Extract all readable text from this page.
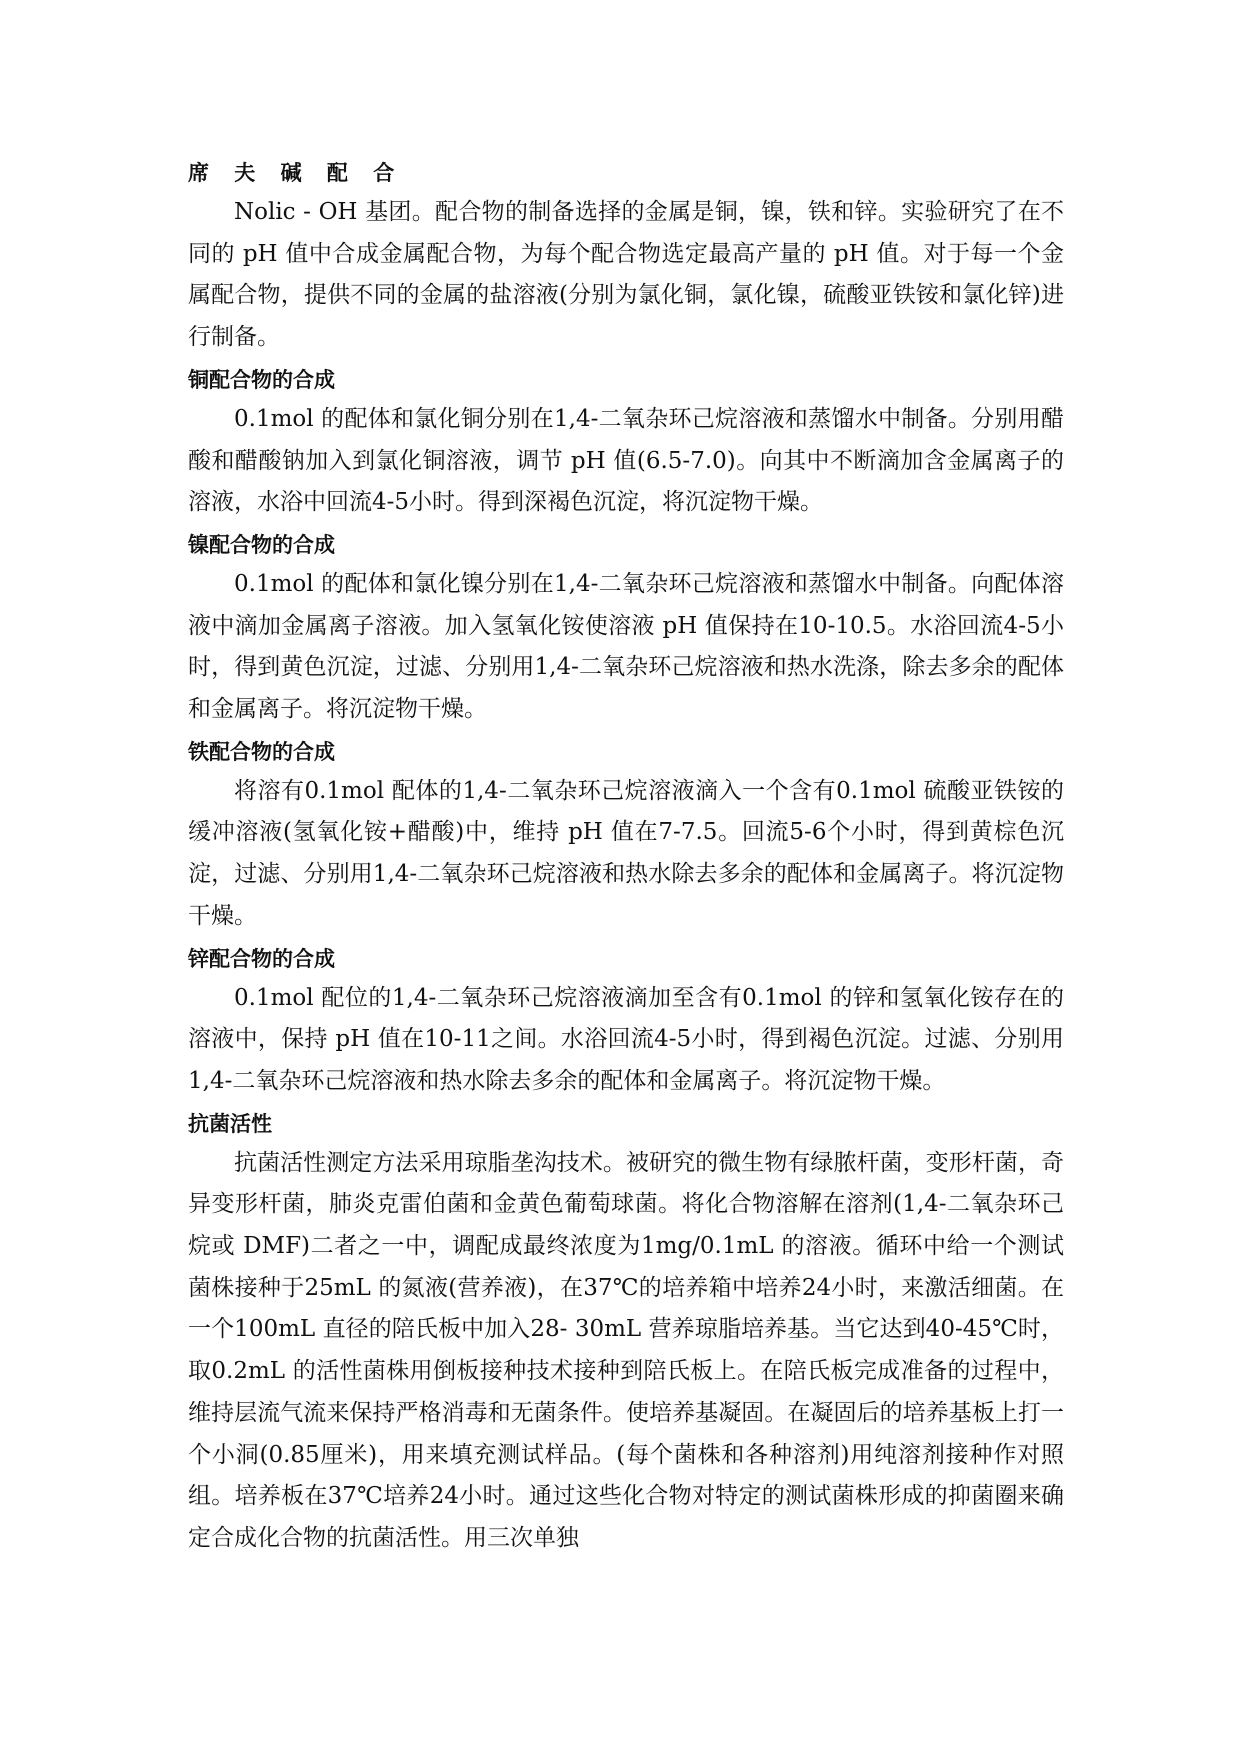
席 夫 碱 配 合

Nolic - OH 基团。配合物的制备选择的金属是铜，镍，铁和锌。实验研究了在不同的 pH 值中合成金属配合物，为每个配合物选定最高产量的 pH 值。对于每一个金属配合物，提供不同的金属的盐溶液(分别为氯化铜，氯化镍，硫酸亚铁铵和氯化锌)进行制备。

铜配合物的合成

0.1mol 的配体和氯化铜分别在1,4-二氧杂环己烷溶液和蒸馏水中制备。分别用醋酸和醋酸钠加入到氯化铜溶液，调节 pH 值(6.5-7.0)。向其中不断滴加含金属离子的溶液，水浴中回流4-5小时。得到深褐色沉淀，将沉淀物干燥。

镍配合物的合成

0.1mol 的配体和氯化镍分别在1,4-二氧杂环己烷溶液和蒸馏水中制备。向配体溶液中滴加金属离子溶液。加入氢氧化铵使溶液 pH 值保持在10-10.5。水浴回流4-5小时，得到黄色沉淀，过滤、分别用1,4-二氧杂环己烷溶液和热水洗涤，除去多余的配体和金属离子。将沉淀物干燥。

铁配合物的合成

将溶有0.1mol 配体的1,4-二氧杂环己烷溶液滴入一个含有0.1mol 硫酸亚铁铵的缓冲溶液(氢氧化铵+醋酸)中，维持 pH 值在7-7.5。回流5-6个小时，得到黄棕色沉淀，过滤、分别用1,4-二氧杂环己烷溶液和热水除去多余的配体和金属离子。将沉淀物干燥。

锌配合物的合成

0.1mol 配位的1,4-二氧杂环己烷溶液滴加至含有0.1mol 的锌和氢氧化铵存在的溶液中，保持 pH 值在10-11之间。水浴回流4-5小时，得到褐色沉淀。过滤、分别用1,4-二氧杂环己烷溶液和热水除去多余的配体和金属离子。将沉淀物干燥。

抗菌活性

抗菌活性测定方法采用琼脂垄沟技术。被研究的微生物有绿脓杆菌，变形杆菌，奇异变形杆菌，肺炎克雷伯菌和金黄色葡萄球菌。将化合物溶解在溶剂(1,4-二氧杂环己烷或 DMF)二者之一中，调配成最终浓度为1mg/0.1mL 的溶液。循环中给一个测试菌株接种于25mL 的氮液(营养液)，在37℃的培养箱中培养24小时，来激活细菌。在一个100mL 直径的陪氏板中加入28- 30mL 营养琼脂培养基。当它达到40-45℃时，取0.2mL 的活性菌株用倒板接种技术接种到陪氏板上。在陪氏板完成准备的过程中，维持层流气流来保持严格消毒和无菌条件。使培养基凝固。在凝固后的培养基板上打一个小洞(0.85厘米)，用来填充测试样品。(每个菌株和各种溶剂)用纯溶剂接种作对照组。培养板在37℃培养24小时。通过这些化合物对特定的测试菌株形成的抑菌圈来确定合成化合物的抗菌活性。用三次单独
